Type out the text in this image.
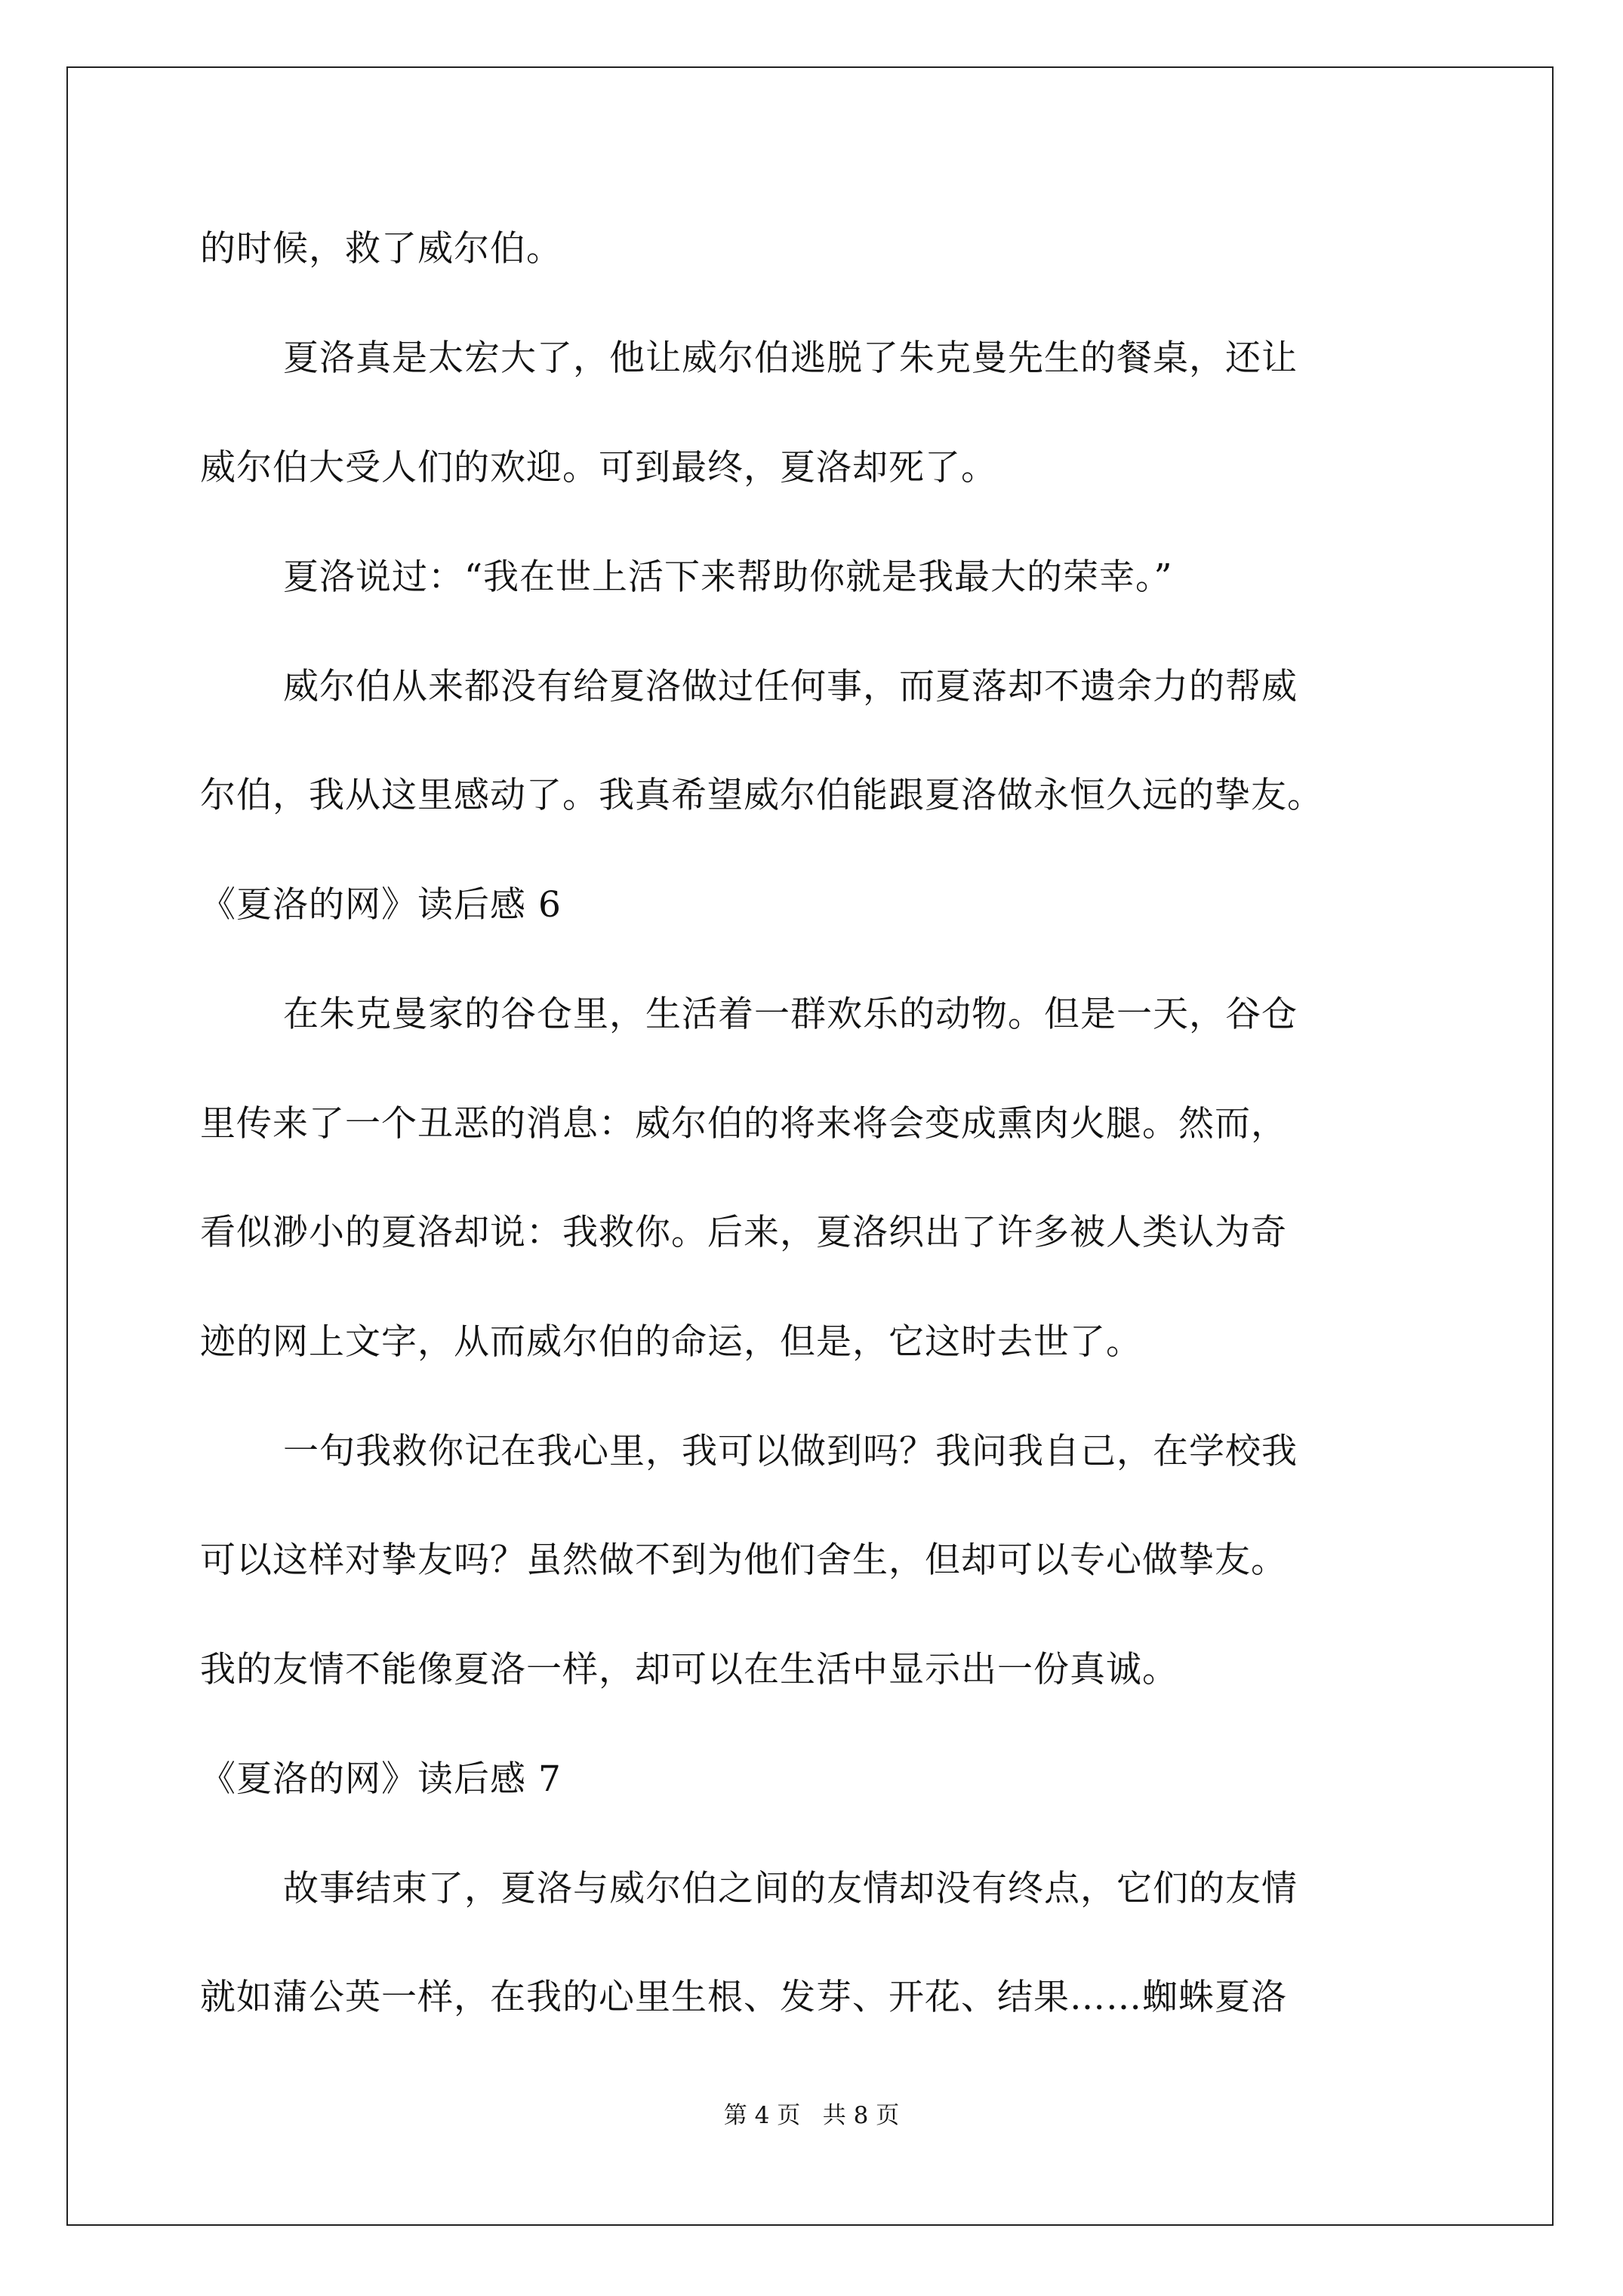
的时候，救了威尔伯。
夏洛真是太宏大了，他让威尔伯逃脱了朱克曼先生的餐桌，还让
威尔伯大受人们的欢迎。可到最终，夏洛却死了。
夏洛说过：“我在世上活下来帮助你就是我最大的荣幸。”
威尔伯从来都没有给夏洛做过任何事，而夏落却不遗余力的帮威
尔伯，我从这里感动了。我真希望威尔伯能跟夏洛做永恒久远的挚友。
《夏洛的网》读后感 6
在朱克曼家的谷仓里，生活着一群欢乐的动物。但是一天，谷仓
里传来了一个丑恶的消息：威尔伯的将来将会变成熏肉火腿。然而，
看似渺小的夏洛却说：我救你。后来，夏洛织出了许多被人类认为奇
迹的网上文字，从而威尔伯的命运，但是，它这时去世了。
一句我救你记在我心里，我可以做到吗？我问我自己，在学校我
可以这样对挚友吗？虽然做不到为他们舍生，但却可以专心做挚友。
我的友情不能像夏洛一样，却可以在生活中显示出一份真诚。
《夏洛的网》读后感 7
故事结束了，夏洛与威尔伯之间的友情却没有终点，它们的友情
就如蒲公英一样，在我的心里生根、发芽、开花、结果……蜘蛛夏洛
第 4 页   共 8 页
